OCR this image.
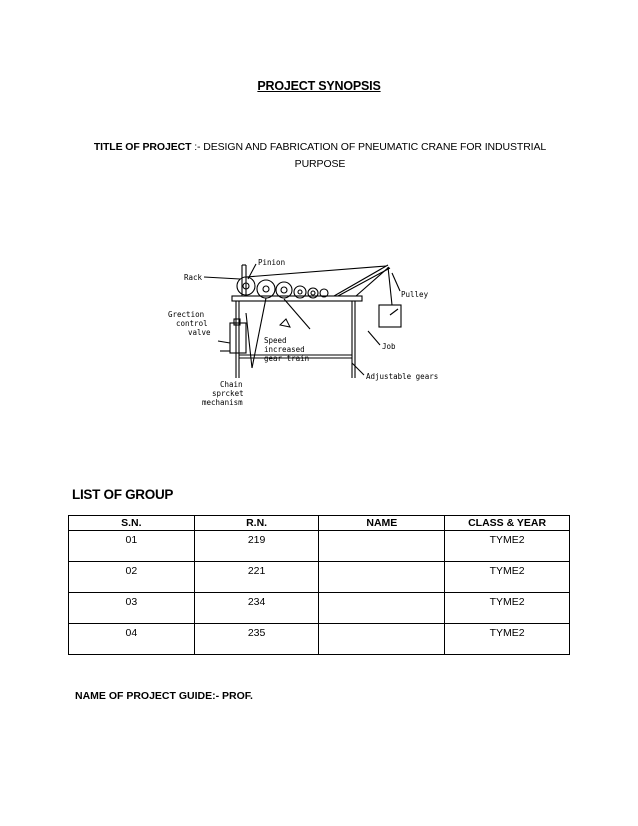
PROJECT SYNOPSIS
TITLE OF PROJECT :- DESIGN AND FABRICATION OF PNEUMATIC CRANE FOR INDUSTRIAL PURPOSE
Rack
Pinion
Pulley
Grection
control
valve
Speed
increased
gear train
Job
Adjustable gears
Chain
sprcket
mechanism
LIST OF GROUP
S.N.	R.N.	NAME	CLASS & YEAR
01	219		TYME2
02	221		TYME2
03	234		TYME2
04	235		TYME2
NAME OF PROJECT GUIDE:- PROF.
